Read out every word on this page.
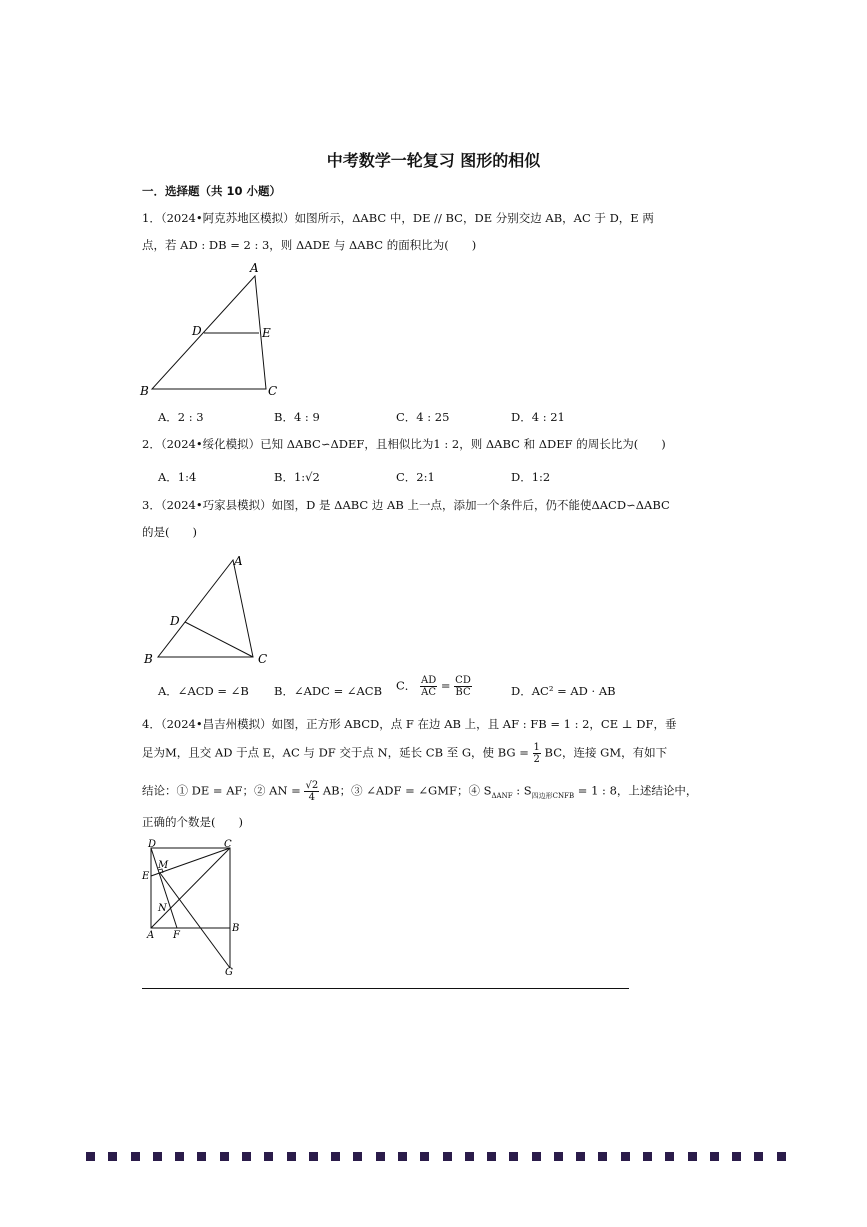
中考数学一轮复习 图形的相似
一．选择题（共 10 小题）
1．（2024•阿克苏地区模拟）如图所示，ΔABC 中，DE // BC，DE 分别交边 AB，AC 于 D，E 两
点，若 AD : DB = 2 : 3，则 ΔADE 与 ΔABC 的面积比为(　　)
A
D	E
B	C
A．2 : 3	B．4 : 9	C．4 : 25	D．4 : 21
2．（2024•绥化模拟）已知 ΔABC∽ΔDEF，且相似比为1 : 2，则 ΔABC 和 ΔDEF 的周长比为(　　)
A．1:4	B．1:√2	C．2:1	D．1:2
3．（2024•巧家县模拟）如图，D 是 ΔABC 边 AB 上一点，添加一个条件后，仍不能使ΔACD∽ΔABC
的是(　　)
A
D
B	C
A．∠ACD = ∠B B．∠ADC = ∠ACB C． $\frac{AD}{AC} = \frac{CD}{BC}$	D．AC² = AD · AB
4．（2024•昌吉州模拟）如图，正方形 ABCD，点 F 在边 AB 上，且 AF : FB = 1 : 2，CE ⊥ DF，垂
足为M，且交 AD 于点 E，AC 与 DF 交于点 N，延长 CB 至 G，使 BG = $\frac{1}{2}$ BC，连接 GM，有如下
结论：① DE = AF；② AN = $\frac{√2}{4}$ AB；③ ∠ADF = ∠GMF；④ $S_{\Delta ANF}$ : $S_{四边形CNFB} = 1$ : 8，上述结论中，
正确的个数是(　　)
D	C
M
E
N
A F
B
G
